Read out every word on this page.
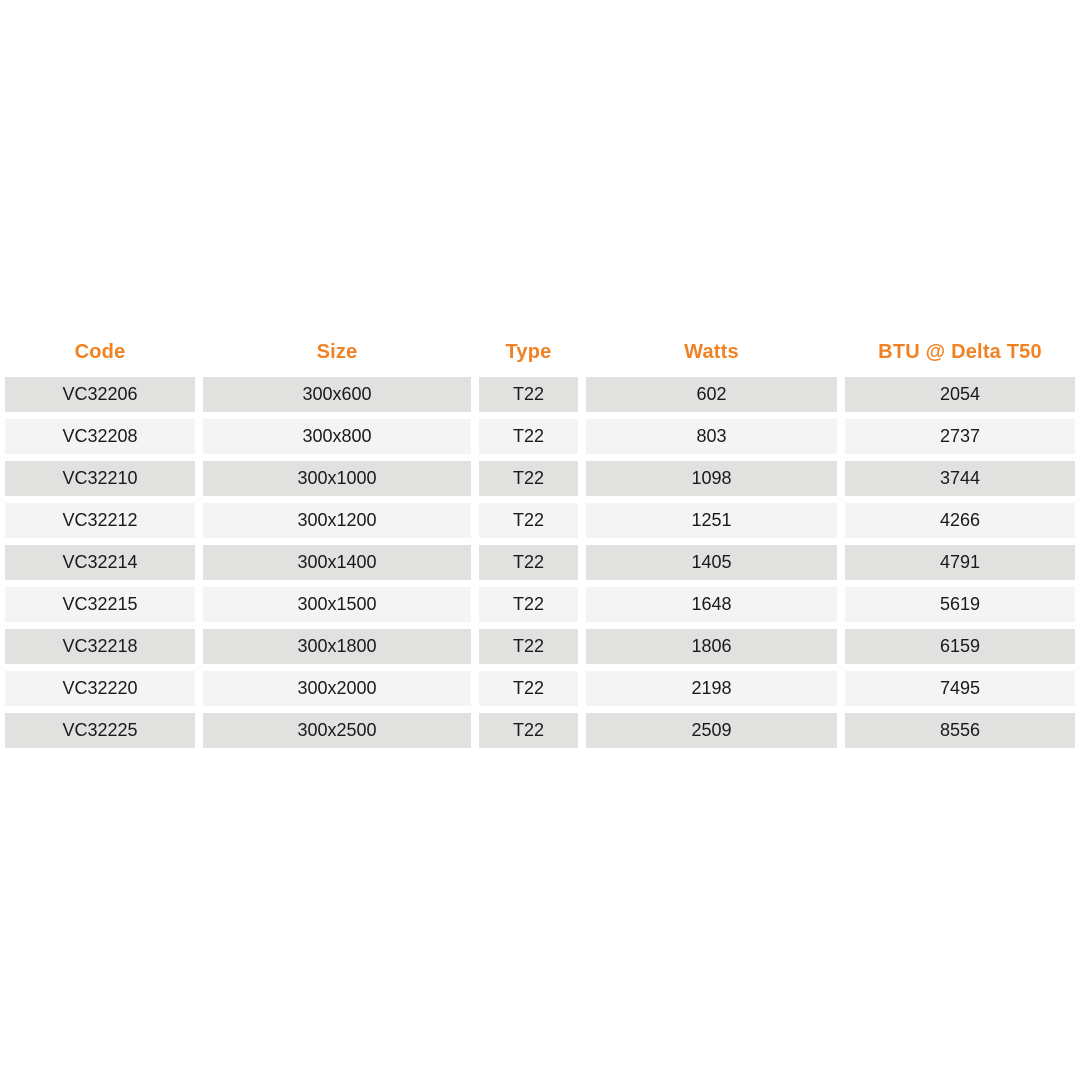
Code	Size	Type	Watts	BTU @ Delta T50
VC32206	300x600	T22	602	2054
VC32208	300x800	T22	803	2737
VC32210	300x1000	T22	1098	3744
VC32212	300x1200	T22	1251	4266
VC32214	300x1400	T22	1405	4791
VC32215	300x1500	T22	1648	5619
VC32218	300x1800	T22	1806	6159
VC32220	300x2000	T22	2198	7495
VC32225	300x2500	T22	2509	8556
